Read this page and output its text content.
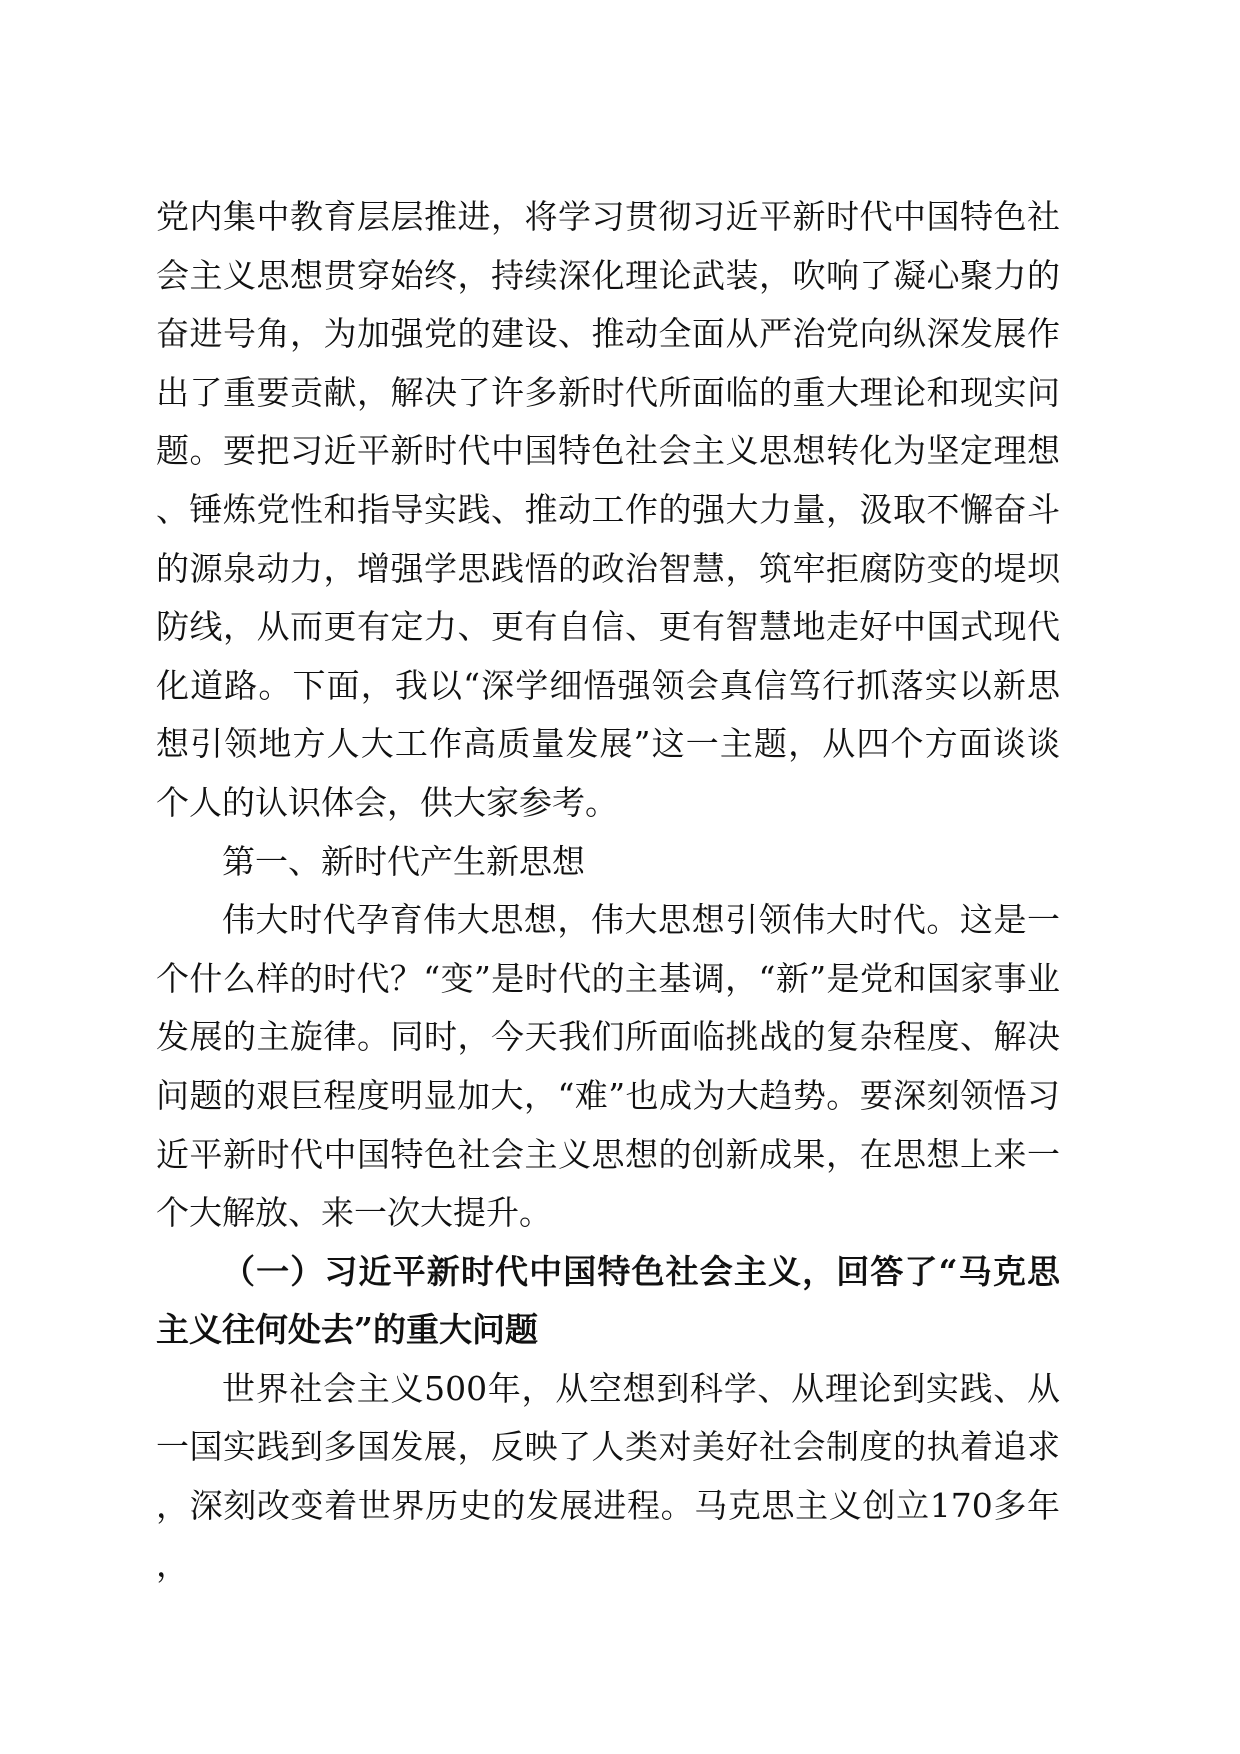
党内集中教育层层推进，将学习贯彻习近平新时代中国特色社会主义思想贯穿始终，持续深化理论武装，吹响了凝心聚力的奋进号角，为加强党的建设、推动全面从严治党向纵深发展作出了重要贡献，解决了许多新时代所面临的重大理论和现实问题。要把习近平新时代中国特色社会主义思想转化为坚定理想、锤炼党性和指导实践、推动工作的强大力量，汲取不懈奋斗的源泉动力，增强学思践悟的政治智慧，筑牢拒腐防变的堤坝防线，从而更有定力、更有自信、更有智慧地走好中国式现代化道路。下面，我以“深学细悟强领会真信笃行抓落实以新思想引领地方人大工作高质量发展”这一主题，从四个方面谈谈个人的认识体会，供大家参考。

第一、新时代产生新思想

伟大时代孕育伟大思想，伟大思想引领伟大时代。这是一个什么样的时代？“变”是时代的主基调，“新”是党和国家事业发展的主旋律。同时，今天我们所面临挑战的复杂程度、解决问题的艰巨程度明显加大，“难”也成为大趋势。要深刻领悟习近平新时代中国特色社会主义思想的创新成果，在思想上来一个大解放、来一次大提升。

（一）习近平新时代中国特色社会主义，回答了“马克思主义往何处去”的重大问题

世界社会主义500年，从空想到科学、从理论到实践、从一国实践到多国发展，反映了人类对美好社会制度的执着追求，深刻改变着世界历史的发展进程。马克思主义创立170多年，
